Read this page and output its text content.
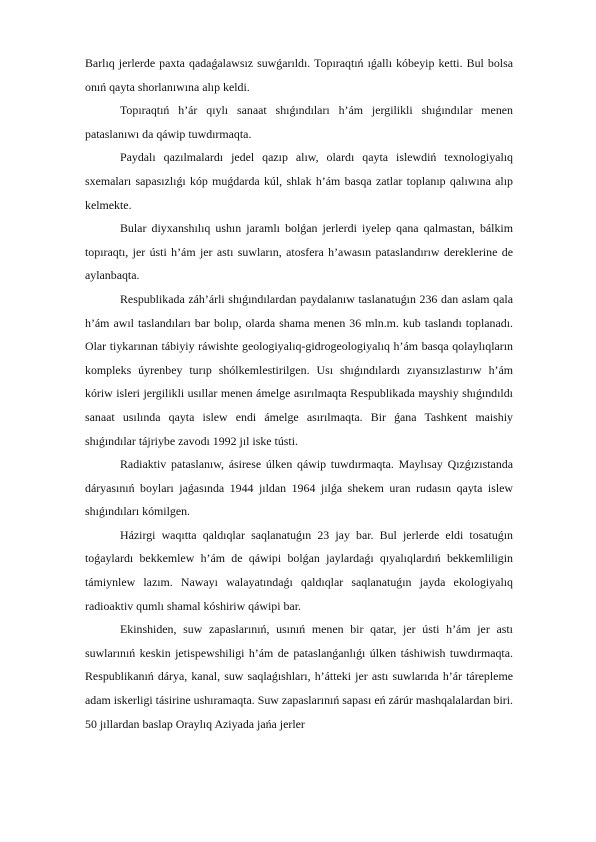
Barlıq jerlerde paxta qadaǵalawsız suwǵarıldı. Topıraqtıń ıǵallı kóbeyip ketti. Bul bolsa onıń qayta shorlanıwına alıp keldi.

Topıraqtıń h’ár qıylı sanaat shıǵındıları h’ám jergilikli shıǵındılar menen pataslanıwı da qáwip tuwdırmaqta.

Paydalı qazılmalardı jedel qazıp alıw, olardı qayta islewdiń texnologiyalıq sxemaları sapasızlıǵı kóp muǵdarda kúl, shlak h’ám basqa zatlar toplanıp qalıwına alıp kelmekte.

Bular diyxanshılıq ushın jaramlı bolǵan jerlerdi iyelep qana qalmastan, bálkim topıraqtı, jer ústi h’ám jer astı suwların, atosfera h’awasın pataslandırıw dereklerine de aylanbaqta.

Respublikada záh’árli shıǵındılardan paydalanıw taslanatuǵın 236 dan aslam qala h’ám awıl taslandıları bar bolıp, olarda shama menen 36 mln.m. kub taslandı toplanadı. Olar tiykarınan tábiyiy ráwishte geologiyalıq-gidrogeologiyalıq h’ám basqa qolaylıqların kompleks úyrenbey turıp shólkemlestirilgen. Usı shıǵındılardı zıyansızlastırıw h’ám kóriw isleri jergilikli usıllar menen ámelge asırılmaqta Respublikada mayshiy shıǵındıldı sanaat usılında qayta islew endi ámelge asırılmaqta. Bir ǵana Tashkent maishiy shıǵındılar tájriybe zavodı 1992 jıl iske tústi.

Radiaktiv pataslanıw, ásirese úlken qáwip tuwdırmaqta. Maylısay Qızǵızıstanda dáryasınıń boyları jaǵasında 1944 jıldan 1964 jılǵa shekem uran rudasın qayta islew shıǵındıları kómilgen.

Házirgi waqıtta qaldıqlar saqlanatuǵın 23 jay bar. Bul jerlerde eldi tosatuǵın toǵaylardı bekkemlew h’ám de qáwipi bolǵan jaylardaǵı qıyalıqlardıń bekkemliligin támiynlew lazım. Nawayı walayatındaǵı qaldıqlar saqlanatuǵın jayda ekologiyalıq radioaktiv qumlı shamal kóshiriw qáwipi bar.

Ekinshiden, suw zapaslarınıń, usınıń menen bir qatar, jer ústi h’ám jer astı suwlarınıń keskin jetispewshiligi h’ám de pataslanǵanlıǵı úlken táshiwish tuwdırmaqta. Respublikanıń dárya, kanal, suw saqlaǵıshları, h’átteki jer astı suwlarıda h’ár tárepleme adam iskerligi tásirine ushıramaqta. Suw zapaslarınıń sapası eń zárúr mashqalalardan biri. 50 jıllardan baslap Oraylıq Aziyada jańa jerler
